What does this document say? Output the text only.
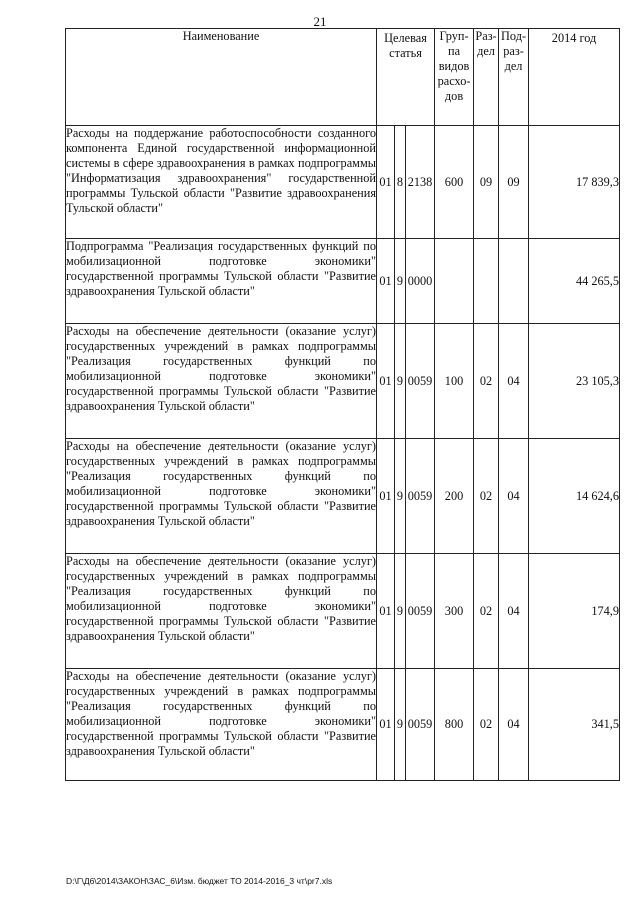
21
Наименование	Целевая статья			Груп-па видов расхо-дов	Раз-дел	Под-раз-дел	2014 год
Расходы на поддержание работоспособности созданного компонента Единой государственной информационной системы в сфере здравоохранения в рамках подпрограммы "Информатизация здравоохранения" государственной программы Тульской области "Развитие здравоохранения Тульской области"	01	8	2138	600	09	09	17 839,3
Подпрограмма "Реализация государственных функций по мобилизационной подготовке экономики" государственной программы Тульской области "Развитие здравоохранения Тульской области"	01	9	0000				44 265,5
Расходы на обеспечение деятельности (оказание услуг) государственных учреждений в рамках подпрограммы "Реализация государственных функций по мобилизационной подготовке экономики" государственной программы Тульской области "Развитие здравоохранения Тульской области"	01	9	0059	100	02	04	23 105,3
Расходы на обеспечение деятельности (оказание услуг) государственных учреждений в рамках подпрограммы "Реализация государственных функций по мобилизационной подготовке экономики" государственной программы Тульской области "Развитие здравоохранения Тульской области"	01	9	0059	200	02	04	14 624,6
Расходы на обеспечение деятельности (оказание услуг) государственных учреждений в рамках подпрограммы "Реализация государственных функций по мобилизационной подготовке экономики" государственной программы Тульской области "Развитие здравоохранения Тульской области"	01	9	0059	300	02	04	174,9
Расходы на обеспечение деятельности (оказание услуг) государственных учреждений в рамках подпрограммы "Реализация государственных функций по мобилизационной подготовке экономики" государственной программы Тульской области "Развитие здравоохранения Тульской области"	01	9	0059	800	02	04	341,5
D:\Г\Д6\2014\ЗАКОН\ЗАС_6\Изм. бюджет ТО 2014-2016_3 чт\pr7.xls
